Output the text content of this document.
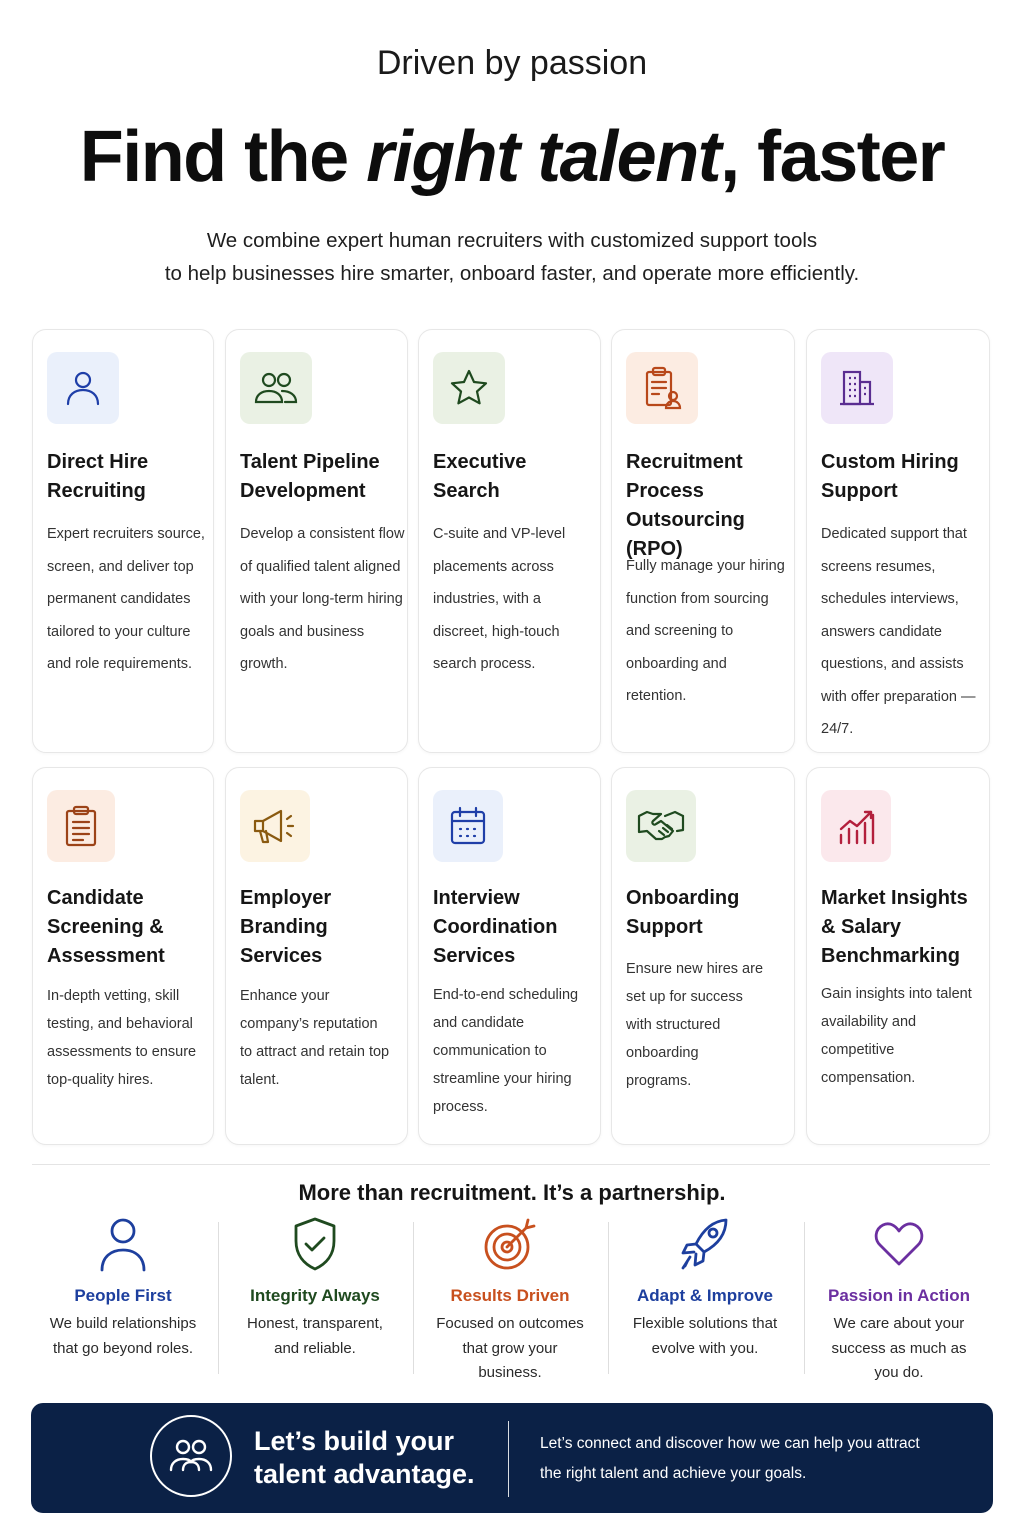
Driven by passion
Find the right talent, faster

We combine expert human recruiters with customized support tools
to help businesses hire smarter, onboard faster, and operate more efficiently.

Direct Hire Recruiting
Expert recruiters source, screen, and deliver top permanent candidates tailored to your culture and role requirements.
Talent Pipeline Development
Develop a consistent flow of qualified talent aligned with your long-term hiring goals and business growth.
Executive Search
C-suite and VP-level placements across industries, with a discreet, high-touch search process.
Recruitment Process Outsourcing (RPO)
Fully manage your hiring function from sourcing and screening to onboarding and retention.
Custom Hiring Support
Dedicated support that screens resumes, schedules interviews, answers candidate questions, and assists with offer preparation — 24/7.
Candidate Screening & Assessment
In-depth vetting, skill testing, and behavioral assessments to ensure top-quality hires.
Employer Branding Services
Enhance your company’s reputation to attract and retain top talent.
Interview Coordination Services
End-to-end scheduling and candidate communication to streamline your hiring process.
Onboarding Support
Ensure new hires are set up for success with structured onboarding programs.
Market Insights & Salary Benchmarking
Gain insights into talent availability and competitive compensation.
More than recruitment. It’s a partnership.
People First
We build relationships that go beyond roles.
Integrity Always
Honest, transparent, and reliable.
Results Driven
Focused on outcomes that grow your business.
Adapt & Improve
Flexible solutions that evolve with you.
Passion in Action
We care about your success as much as you do.
Let’s build your talent advantage.
Let’s connect and discover how we can help you attract the right talent and achieve your goals.
